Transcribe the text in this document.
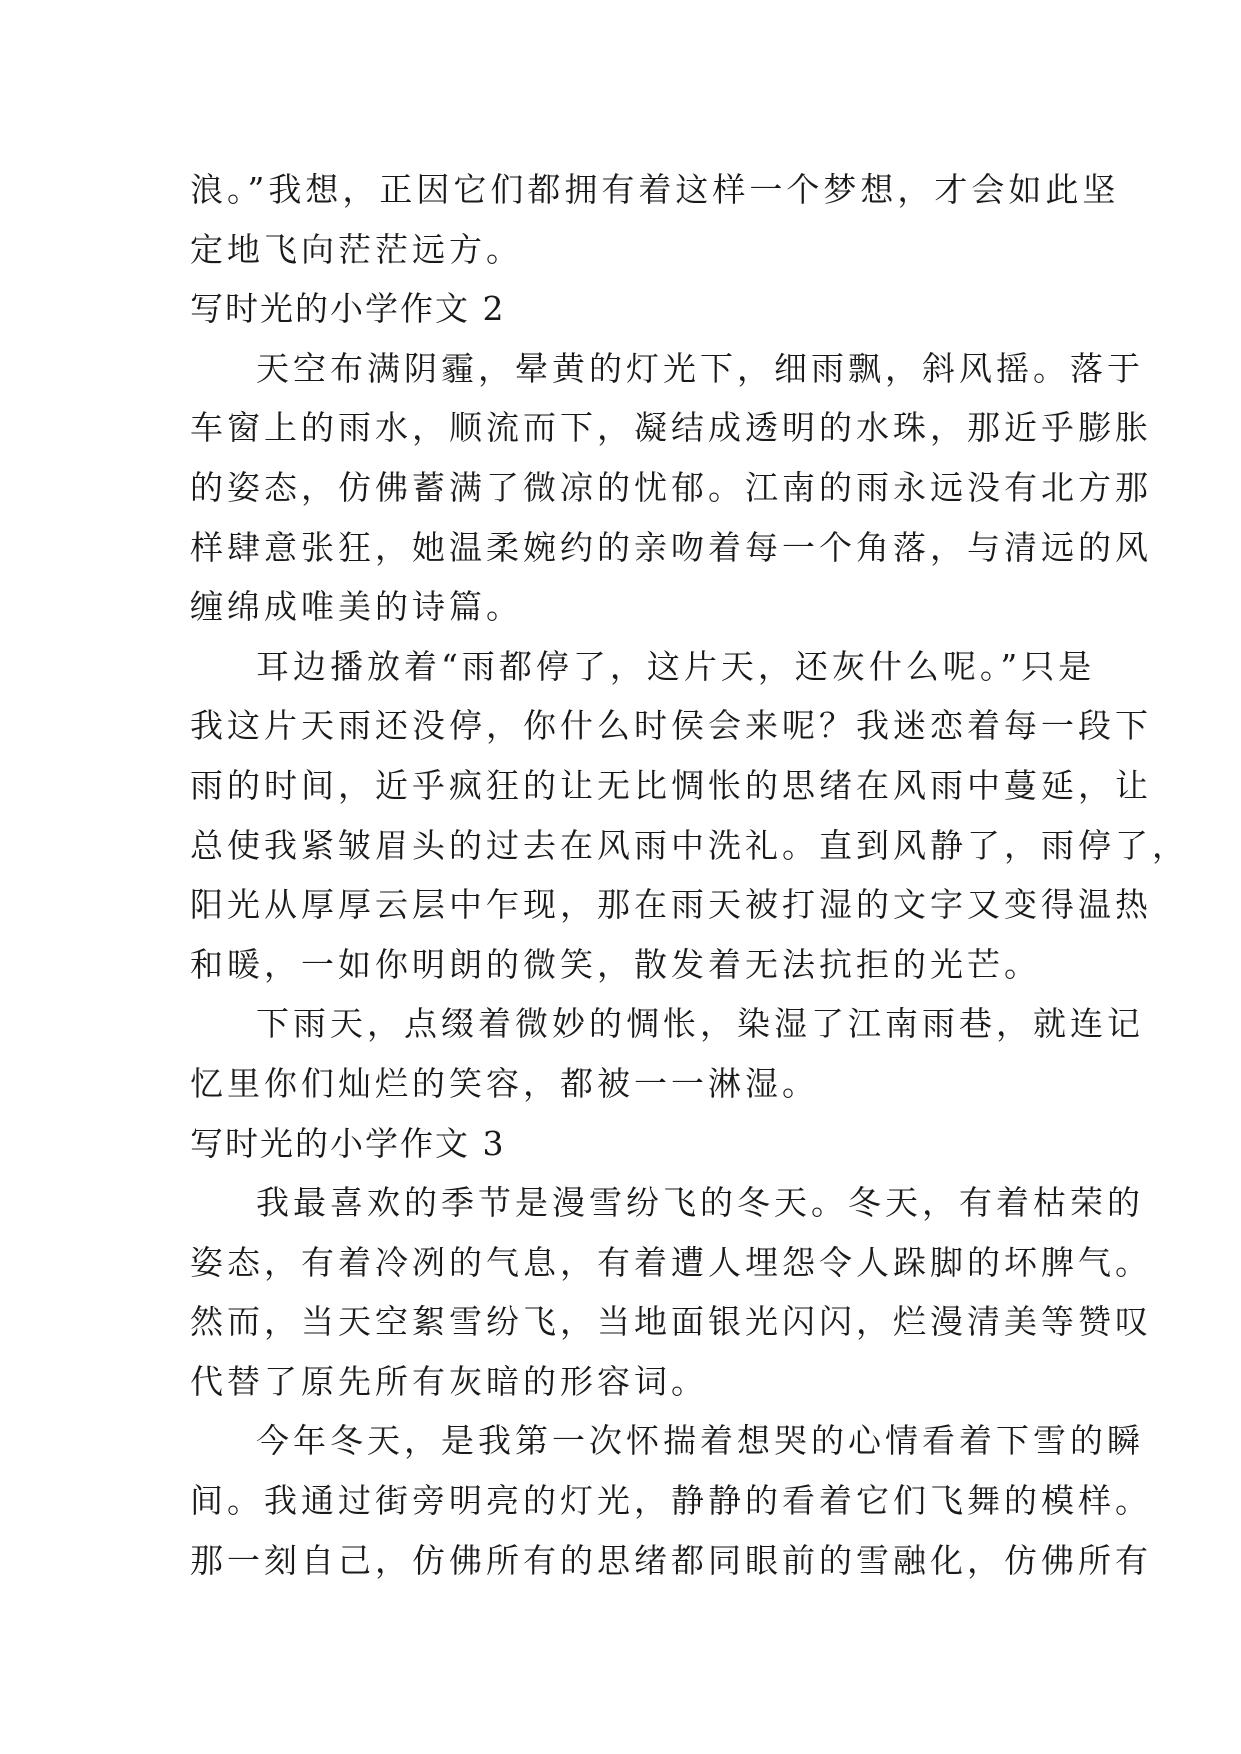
浪。”我想，正因它们都拥有着这样一个梦想，才会如此坚
定地飞向茫茫远方。
写时光的小学作文 2
天空布满阴霾，晕黄的灯光下，细雨飘，斜风摇。落于
车窗上的雨水，顺流而下，凝结成透明的水珠，那近乎膨胀
的姿态，仿佛蓄满了微凉的忧郁。江南的雨永远没有北方那
样肆意张狂，她温柔婉约的亲吻着每一个角落，与清远的风
缠绵成唯美的诗篇。
耳边播放着“雨都停了，这片天，还灰什么呢。”只是
我这片天雨还没停，你什么时侯会来呢？我迷恋着每一段下
雨的时间，近乎疯狂的让无比惆怅的思绪在风雨中蔓延，让
总使我紧皱眉头的过去在风雨中洗礼。直到风静了，雨停了，
阳光从厚厚云层中乍现，那在雨天被打湿的文字又变得温热
和暖，一如你明朗的微笑，散发着无法抗拒的光芒。
下雨天，点缀着微妙的惆怅，染湿了江南雨巷，就连记
忆里你们灿烂的笑容，都被一一淋湿。
写时光的小学作文 3
我最喜欢的季节是漫雪纷飞的冬天。冬天，有着枯荣的
姿态，有着冷冽的气息，有着遭人埋怨令人跺脚的坏脾气。
然而，当天空絮雪纷飞，当地面银光闪闪，烂漫清美等赞叹
代替了原先所有灰暗的形容词。
今年冬天，是我第一次怀揣着想哭的心情看着下雪的瞬
间。我通过街旁明亮的灯光，静静的看着它们飞舞的模样。
那一刻自己，仿佛所有的思绪都同眼前的雪融化，仿佛所有
